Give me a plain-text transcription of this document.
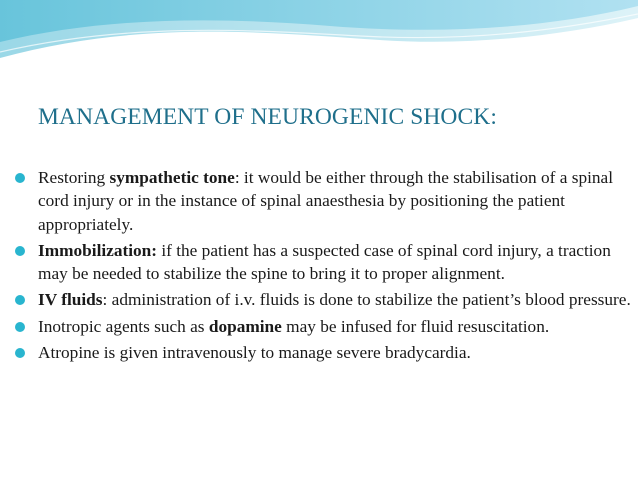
MANAGEMENT OF NEUROGENIC SHOCK:
Restoring sympathetic tone: it would be either through the stabilisation of a spinal cord injury or in the instance of spinal anaesthesia by positioning the patient appropriately.
Immobilization: if the patient has a suspected case of spinal cord injury, a traction may be needed to stabilize the spine to bring it to proper alignment.
IV fluids: administration of i.v. fluids is done to stabilize the patient’s blood pressure.
Inotropic agents such as dopamine may be infused for fluid resuscitation.
Atropine is given intravenously to manage severe bradycardia.
